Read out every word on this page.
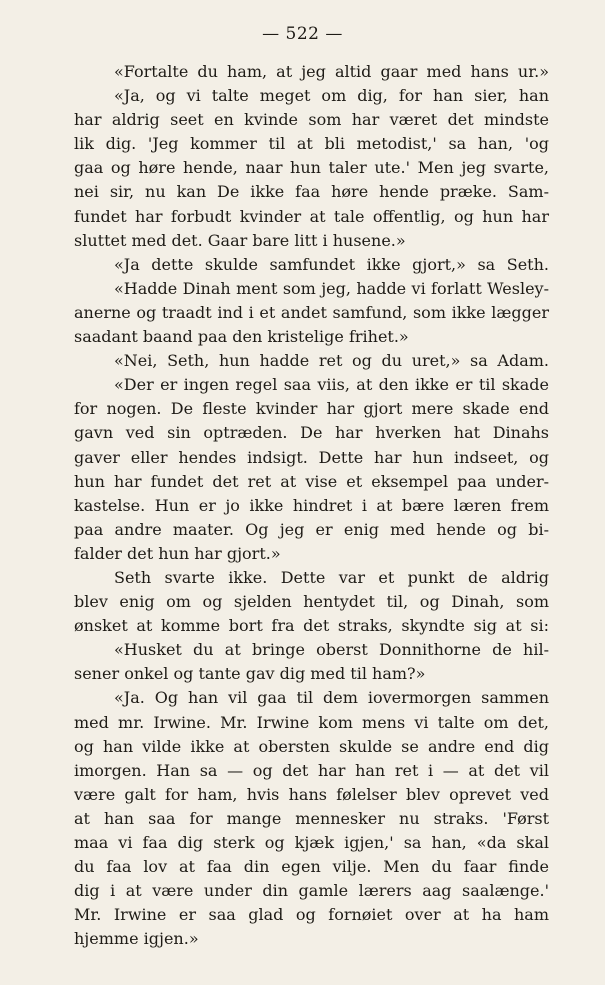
— 522 —
«Fortalte du ham, at jeg altid gaar med hans ur.»
«Ja, og vi talte meget om dig, for han sier, han
har aldrig seet en kvinde som har været det mindste
lik dig. 'Jeg kommer til at bli metodist,' sa han, 'og
gaa og høre hende, naar hun taler ute.' Men jeg svarte,
nei sir, nu kan De ikke faa høre hende præke. Sam-
fundet har forbudt kvinder at tale offentlig, og hun har
sluttet med det. Gaar bare litt i husene.»
«Ja dette skulde samfundet ikke gjort,» sa Seth.
«Hadde Dinah ment som jeg, hadde vi forlatt Wesley-
anerne og traadt ind i et andet samfund, som ikke lægger
saadant baand paa den kristelige frihet.»
«Nei, Seth, hun hadde ret og du uret,» sa Adam.
«Der er ingen regel saa viis, at den ikke er til skade
for nogen. De fleste kvinder har gjort mere skade end
gavn ved sin optræden. De har hverken hat Dinahs
gaver eller hendes indsigt. Dette har hun indseet, og
hun har fundet det ret at vise et eksempel paa under-
kastelse. Hun er jo ikke hindret i at bære læren frem
paa andre maater. Og jeg er enig med hende og bi-
falder det hun har gjort.»
Seth svarte ikke. Dette var et punkt de aldrig
blev enig om og sjelden hentydet til, og Dinah, som
ønsket at komme bort fra det straks, skyndte sig at si:
«Husket du at bringe oberst Donnithorne de hil-
sener onkel og tante gav dig med til ham?»
«Ja. Og han vil gaa til dem iovermorgen sammen
med mr. Irwine. Mr. Irwine kom mens vi talte om det,
og han vilde ikke at obersten skulde se andre end dig
imorgen. Han sa — og det har han ret i — at det vil
være galt for ham, hvis hans følelser blev oprevet ved
at han saa for mange mennesker nu straks. 'Først
maa vi faa dig sterk og kjæk igjen,' sa han, «da skal
du faa lov at faa din egen vilje. Men du faar finde
dig i at være under din gamle lærers aag saalænge.'
Mr. Irwine er saa glad og fornøiet over at ha ham
hjemme igjen.»
